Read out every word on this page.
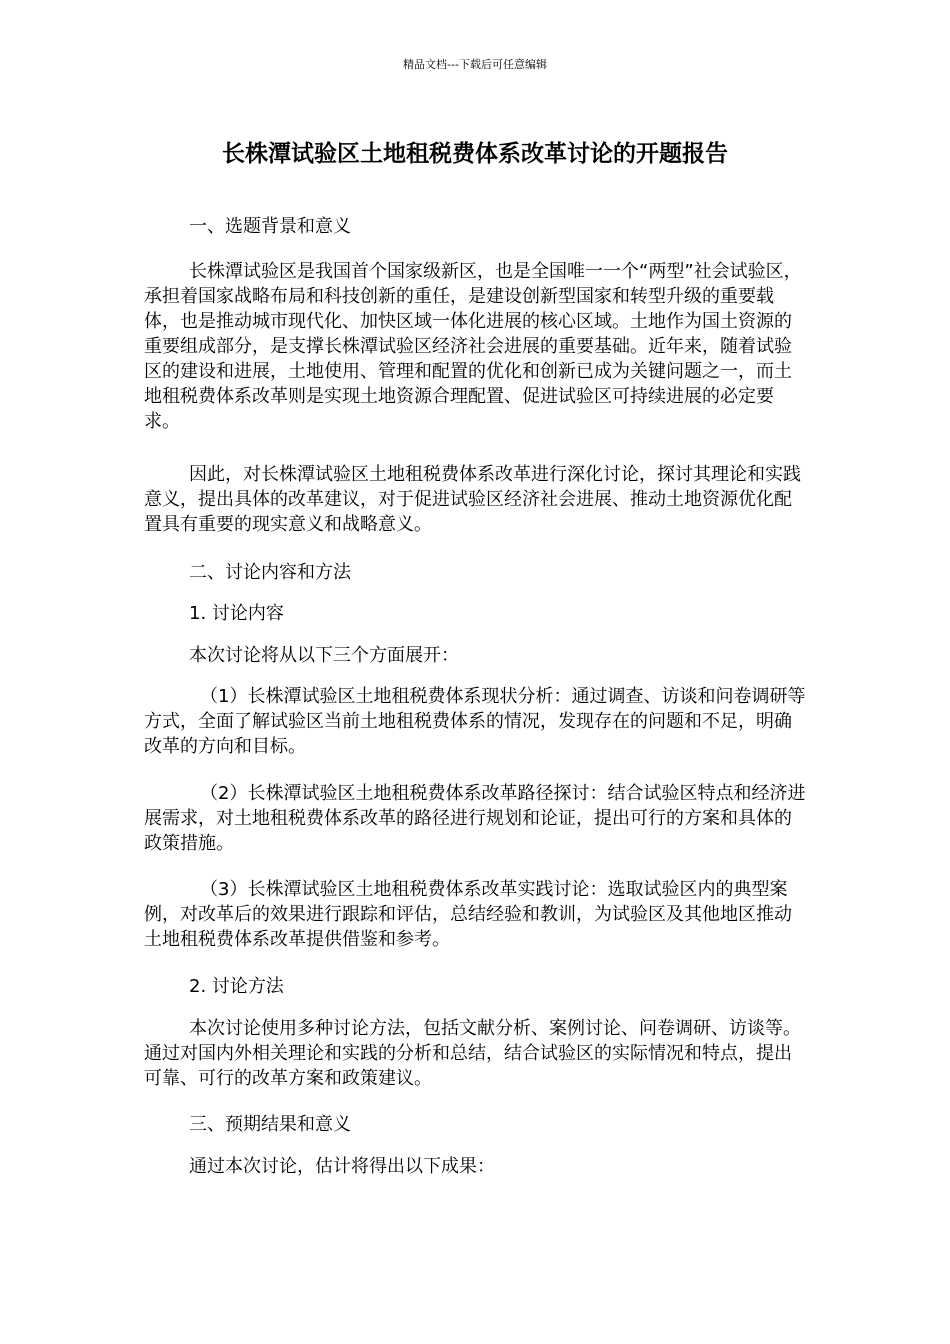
精品文档---下载后可任意编辑
长株潭试验区土地租税费体系改革讨论的开题报告

一、选题背景和意义

长株潭试验区是我国首个国家级新区，也是全国唯一一个“两型”社会试验区，承担着国家战略布局和科技创新的重任，是建设创新型国家和转型升级的重要载体，也是推动城市现代化、加快区域一体化进展的核心区域。土地作为国土资源的重要组成部分，是支撑长株潭试验区经济社会进展的重要基础。近年来，随着试验区的建设和进展，土地使用、管理和配置的优化和创新已成为关键问题之一，而土地租税费体系改革则是实现土地资源合理配置、促进试验区可持续进展的必定要求。

因此，对长株潭试验区土地租税费体系改革进行深化讨论，探讨其理论和实践意义，提出具体的改革建议，对于促进试验区经济社会进展、推动土地资源优化配置具有重要的现实意义和战略意义。

二、讨论内容和方法

1. 讨论内容

本次讨论将从以下三个方面展开：

（1）长株潭试验区土地租税费体系现状分析：通过调查、访谈和问卷调研等方式，全面了解试验区当前土地租税费体系的情况，发现存在的问题和不足，明确改革的方向和目标。

（2）长株潭试验区土地租税费体系改革路径探讨：结合试验区特点和经济进展需求，对土地租税费体系改革的路径进行规划和论证，提出可行的方案和具体的政策措施。

（3）长株潭试验区土地租税费体系改革实践讨论：选取试验区内的典型案例，对改革后的效果进行跟踪和评估，总结经验和教训，为试验区及其他地区推动土地租税费体系改革提供借鉴和参考。

2. 讨论方法

本次讨论使用多种讨论方法，包括文献分析、案例讨论、问卷调研、访谈等。通过对国内外相关理论和实践的分析和总结，结合试验区的实际情况和特点，提出可靠、可行的改革方案和政策建议。

三、预期结果和意义

通过本次讨论，估计将得出以下成果：
